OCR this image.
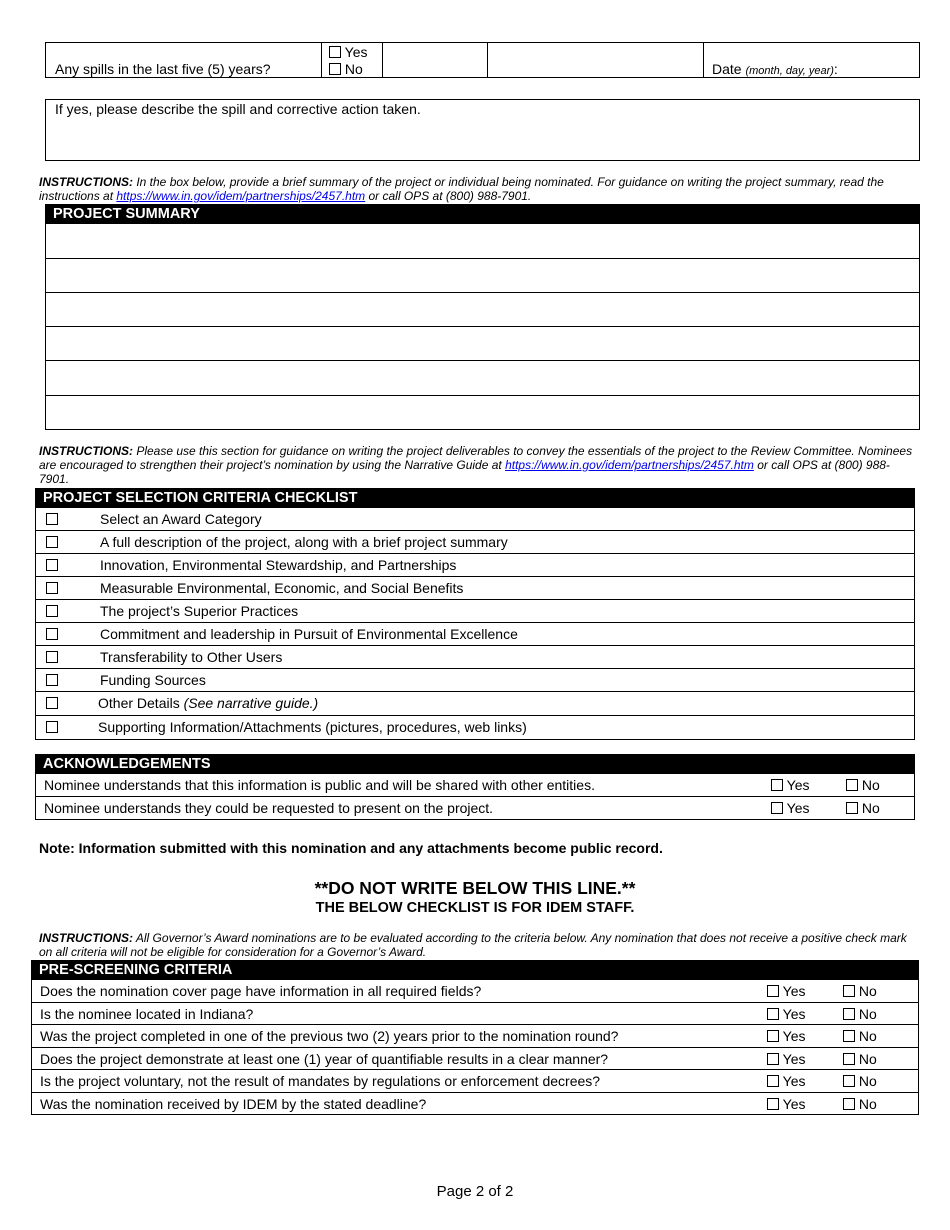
Any spills in the last five (5) years?
Yes
No	Date (month, day, year):
If yes, please describe the spill and corrective action taken.
INSTRUCTIONS: In the box below, provide a brief summary of the project or individual being nominated. For guidance on writing the project summary, read the instructions at https://www.in.gov/idem/partnerships/2457.htm or call OPS at (800) 988-7901.
PROJECT SUMMARY
INSTRUCTIONS: Please use this section for guidance on writing the project deliverables to convey the essentials of the project to the Review Committee. Nominees are encouraged to strengthen their project’s nomination by using the Narrative Guide at https://www.in.gov/idem/partnerships/2457.htm or call OPS at (800) 988-7901.
PROJECT SELECTION CRITERIA CHECKLIST
Select an Award Category
A full description of the project, along with a brief project summary
Innovation, Environmental Stewardship, and Partnerships
Measurable Environmental, Economic, and Social Benefits
The project’s Superior Practices
Commitment and leadership in Pursuit of Environmental Excellence
Transferability to Other Users
Funding Sources
Other Details (See narrative guide.)
Supporting Information/Attachments (pictures, procedures, web links)
ACKNOWLEDGEMENTS
Nominee understands that this information is public and will be shared with other entities.	Yes	No
Nominee understands they could be requested to present on the project.	Yes	No
Note: Information submitted with this nomination and any attachments become public record.
**DO NOT WRITE BELOW THIS LINE.**
THE BELOW CHECKLIST IS FOR IDEM STAFF.
INSTRUCTIONS: All Governor’s Award nominations are to be evaluated according to the criteria below. Any nomination that does not receive a positive check mark on all criteria will not be eligible for consideration for a Governor’s Award.
PRE-SCREENING CRITERIA
Does the nomination cover page have information in all required fields?	Yes	No
Is the nominee located in Indiana?	Yes	No
Was the project completed in one of the previous two (2) years prior to the nomination round?	Yes	No
Does the project demonstrate at least one (1) year of quantifiable results in a clear manner?	Yes	No
Is the project voluntary, not the result of mandates by regulations or enforcement decrees?	Yes	No
Was the nomination received by IDEM by the stated deadline?	Yes	No
Page 2 of 2
